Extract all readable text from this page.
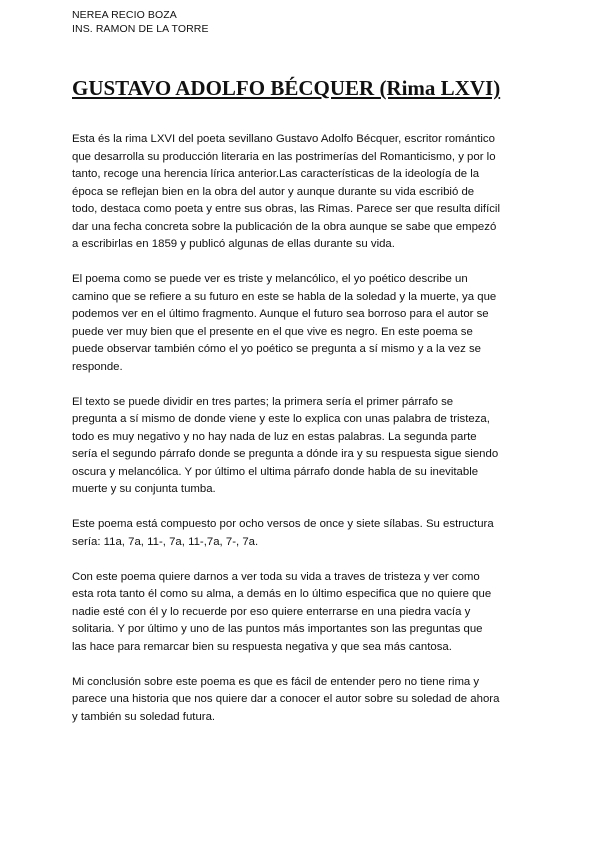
NEREA RECIO BOZA
INS. RAMON DE LA TORRE
GUSTAVO ADOLFO BÉCQUER (Rima LXVI)

Esta és la rima LXVI del poeta sevillano Gustavo Adolfo Bécquer, escritor romántico
que desarrolla su producción literaria en las postrimerías del Romanticismo, y por lo
tanto, recoge una herencia lírica anterior.Las características de la ideología de la
época se reflejan bien en la obra del autor y aunque durante su vida escribió de
todo, destaca como poeta y entre sus obras, las Rimas. Parece ser que resulta difícil
dar una fecha concreta sobre la publicación de la obra aunque se sabe que empezó
a escribirlas en 1859 y publicó algunas de ellas durante su vida.

El poema como se puede ver es triste y melancólico, el yo poético describe un
camino que se refiere a su futuro en este se habla de la soledad y la muerte, ya que
podemos ver en el último fragmento. Aunque el futuro sea borroso para el autor se
puede ver muy bien que el presente en el que vive es negro. En este poema se
puede observar también cómo el yo poético se pregunta a sí mismo y a la vez se
responde.

El texto se puede dividir en tres partes; la primera sería el primer párrafo se
pregunta a sí mismo de donde viene y este lo explica con unas palabra de tristeza,
todo es muy negativo y no hay nada de luz en estas palabras. La segunda parte
sería el segundo párrafo donde se pregunta a dónde ira y su respuesta sigue siendo
oscura y melancólica. Y por último el ultima párrafo donde habla de su inevitable
muerte y su conjunta tumba.

Este poema está compuesto por ocho versos de once y siete sílabas. Su estructura
sería: 11a, 7a, 11-, 7a, 11-,7a, 7-, 7a.

Con este poema quiere darnos a ver toda su vida a traves de tristeza y ver como
esta rota tanto él como su alma, a demás en lo último especifica que no quiere que
nadie esté con él y lo recuerde por eso quiere enterrarse en una piedra vacía y
solitaria. Y por último y uno de las puntos más importantes son las preguntas que
las hace para remarcar bien su respuesta negativa y que sea más cantosa.

Mi conclusión sobre este poema es que es fácil de entender pero no tiene rima y
parece una historia que nos quiere dar a conocer el autor sobre su soledad de ahora
y también su soledad futura.
